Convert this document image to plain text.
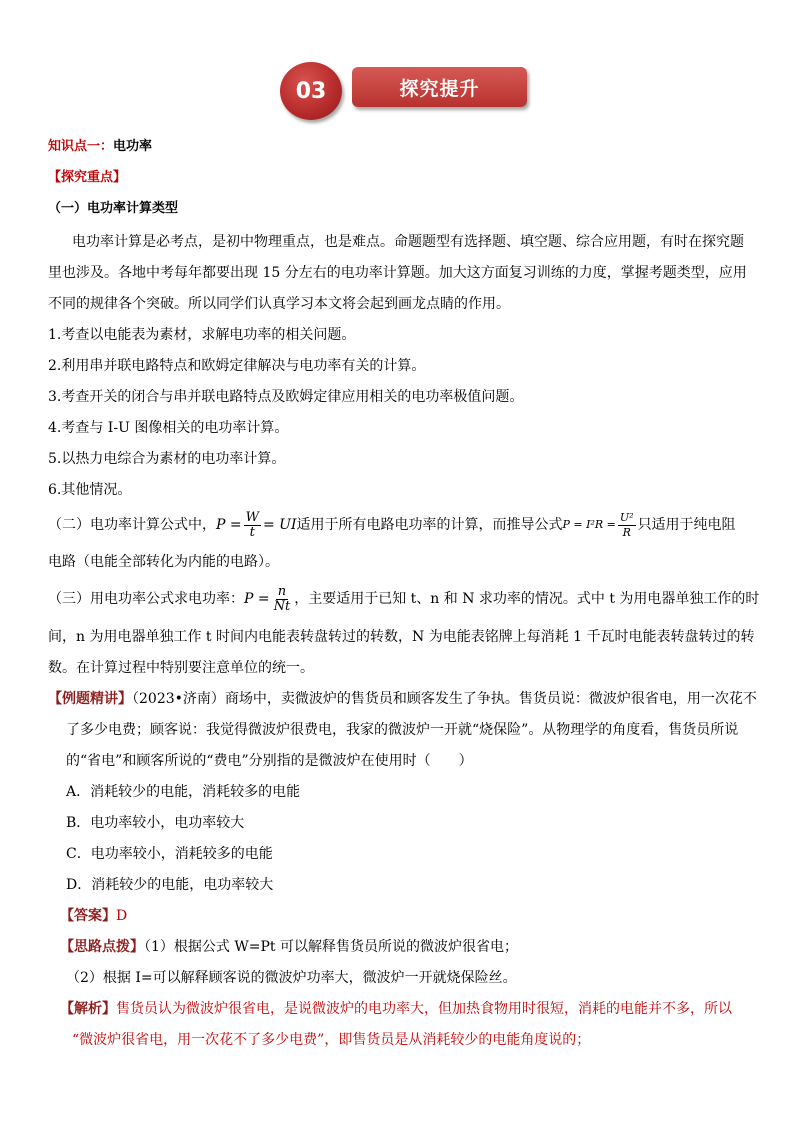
03	探究提升
知识点一：电功率
【探究重点】
（一）电功率计算类型
电功率计算是必考点，是初中物理重点，也是难点。命题题型有选择题、填空题、综合应用题，有时在探究题
里也涉及。各地中考每年都要出现 15 分左右的电功率计算题。加大这方面复习训练的力度，掌握考题类型，应用
不同的规律各个突破。所以同学们认真学习本文将会起到画龙点睛的作用。
1.考查以电能表为素材，求解电功率的相关问题。
2.利用串并联电路特点和欧姆定律解决与电功率有关的计算。
3.考查开关的闭合与串并联电路特点及欧姆定律应用相关的电功率极值问题。
4.考查与 I-U 图像相关的电功率计算。
5.以热力电综合为素材的电功率计算。
6.其他情况。
（二）电功率计算公式中， $P = \frac{W}{t}$ = UI 适用于所有电路电功率的计算，而推导公式 $P = I^2R = \frac{\text{U²}}{R}$ 只适用于纯电阻
电路（电能全部转化为内能的电路）。
（三）用电功率公式求电功率： $P = \frac{n}{Nt}$ ，主要适用于已知 t、n 和 N 求功率的情况。式中 t 为用电器单独工作的时
间，n 为用电器单独工作 t 时间内电能表转盘转过的转数，N 为电能表铭牌上每消耗 1 千瓦时电能表转盘转过的转
数。在计算过程中特别要注意单位的统一。
【例题精讲】（2023•济南）商场中，卖微波炉的售货员和顾客发生了争执。售货员说：微波炉很省电，用一次花不
了多少电费；顾客说：我觉得微波炉很费电，我家的微波炉一开就“烧保险”。从物理学的角度看，售货员所说
的“省电”和顾客所说的“费电”分别指的是微波炉在使用时（　　）
A．消耗较少的电能，消耗较多的电能
B．电功率较小，电功率较大
C．电功率较小，消耗较多的电能
D．消耗较少的电能，电功率较大
【答案】D
【思路点拨】（1）根据公式 W=Pt 可以解释售货员所说的微波炉很省电；
（2）根据 I=可以解释顾客说的微波炉功率大，微波炉一开就烧保险丝。
【解析】售货员认为微波炉很省电，是说微波炉的电功率大，但加热食物用时很短，消耗的电能并不多，所以
“微波炉很省电，用一次花不了多少电费”，即售货员是从消耗较少的电能角度说的；
